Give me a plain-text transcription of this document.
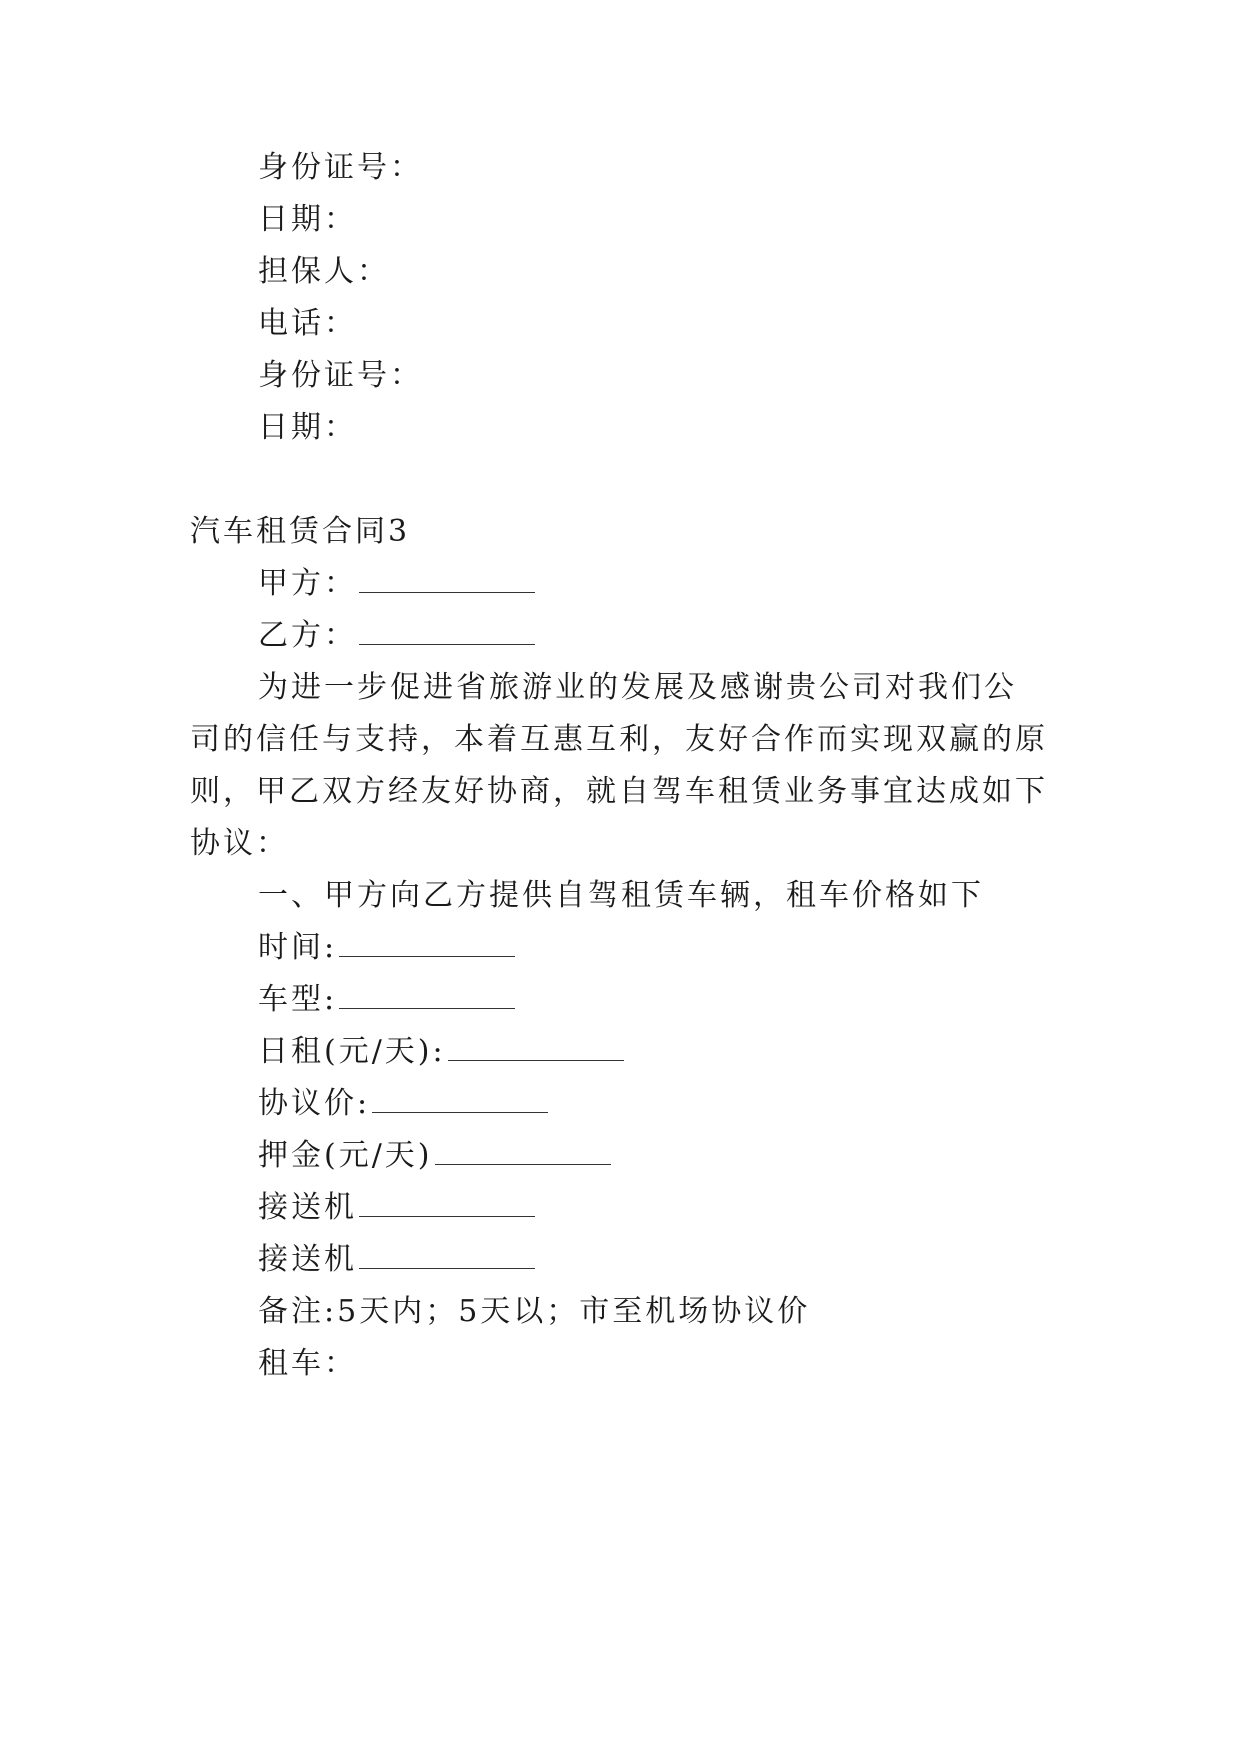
身份证号：
日期：
担保人：
电话：
身份证号：
日期：
汽车租赁合同3
甲方：
乙方：
为进一步促进省旅游业的发展及感谢贵公司对我们公
司的信任与支持，本着互惠互利，友好合作而实现双赢的原
则，甲乙双方经友好协商，就自驾车租赁业务事宜达成如下
协议：
一、甲方向乙方提供自驾租赁车辆，租车价格如下
时间:
车型:
日租(元/天):
协议价:
押金(元/天)
接送机
接送机
备注:5天内；5天以；市至机场协议价
租车：
